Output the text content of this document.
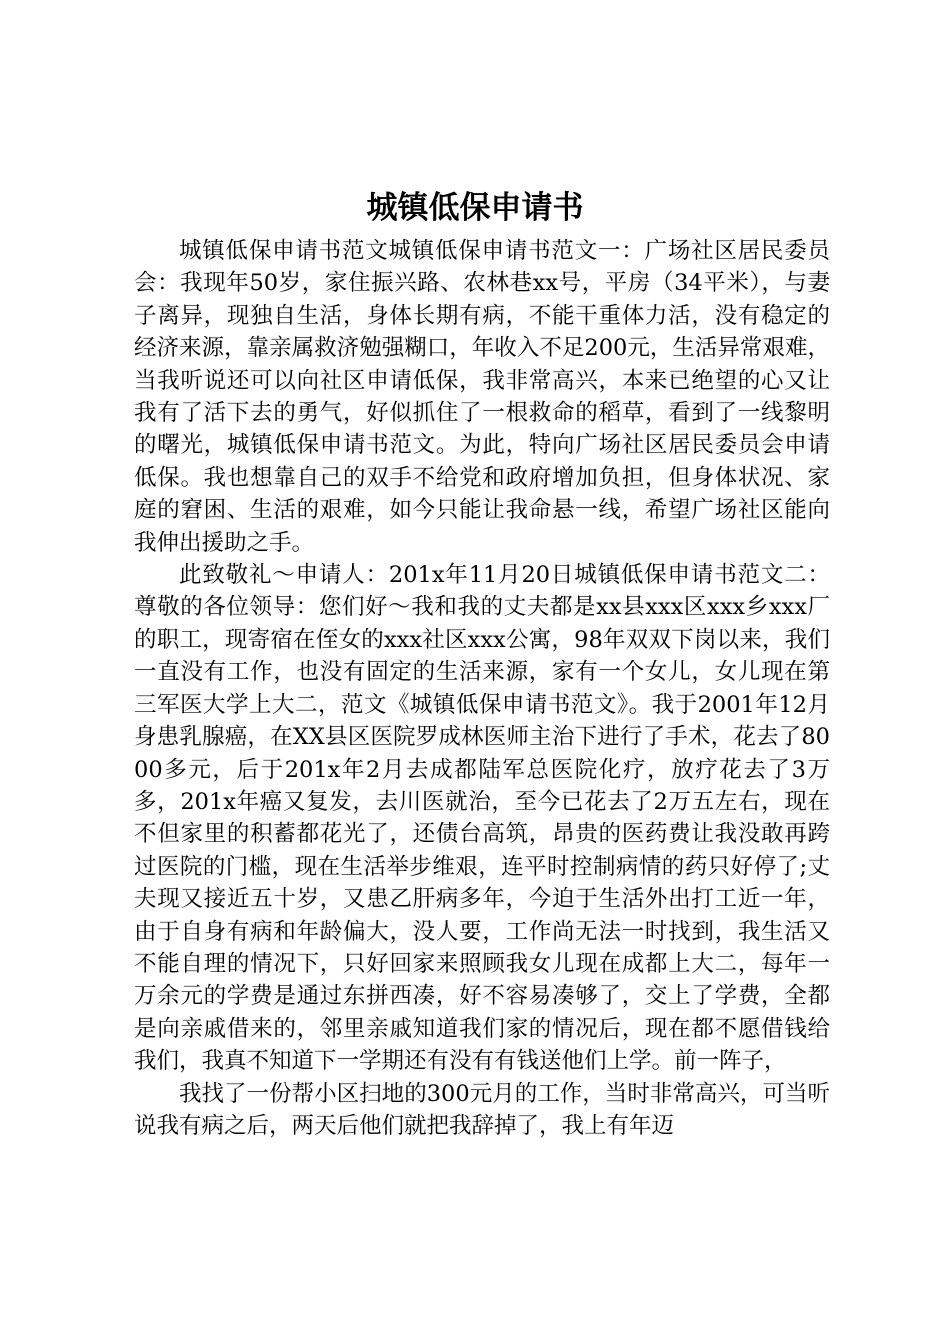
城镇低保申请书

城镇低保申请书范文城镇低保申请书范文一：广场社区居民委员会：我现年50岁，家住振兴路、农林巷xx号，平房（34平米），与妻子离异，现独自生活，身体长期有病，不能干重体力活，没有稳定的经济来源，靠亲属救济勉强糊口，年收入不足200元，生活异常艰难，当我听说还可以向社区申请低保，我非常高兴，本来已绝望的心又让我有了活下去的勇气，好似抓住了一根救命的稻草，看到了一线黎明的曙光，城镇低保申请书范文。为此，特向广场社区居民委员会申请低保。我也想靠自己的双手不给党和政府增加负担，但身体状况、家庭的窘困、生活的艰难，如今只能让我命悬一线，希望广场社区能向我伸出援助之手。

此致敬礼～申请人：201x年11月20日城镇低保申请书范文二：尊敬的各位领导：您们好～我和我的丈夫都是xx县xxx区xxx乡xxx厂的职工，现寄宿在侄女的xxx社区xxx公寓，98年双双下岗以来，我们一直没有工作，也没有固定的生活来源，家有一个女儿，女儿现在第三军医大学上大二，范文《城镇低保申请书范文》。我于2001年12月身患乳腺癌，在XX县区医院罗成林医师主治下进行了手术，花去了8000多元，后于201x年2月去成都陆军总医院化疗，放疗花去了3万多，201x年癌又复发，去川医就治，至今已花去了2万五左右，现在不但家里的积蓄都花光了，还债台高筑，昂贵的医药费让我没敢再跨过医院的门槛，现在生活举步维艰，连平时控制病情的药只好停了;丈夫现又接近五十岁，又患乙肝病多年，今迫于生活外出打工近一年，由于自身有病和年龄偏大，没人要，工作尚无法一时找到，我生活又不能自理的情况下，只好回家来照顾我女儿现在成都上大二，每年一万余元的学费是通过东拼西凑，好不容易凑够了，交上了学费，全都是向亲戚借来的，邻里亲戚知道我们家的情况后，现在都不愿借钱给我们，我真不知道下一学期还有没有有钱送他们上学。前一阵子，

我找了一份帮小区扫地的300元月的工作，当时非常高兴，可当听说我有病之后，两天后他们就把我辞掉了，我上有年迈
